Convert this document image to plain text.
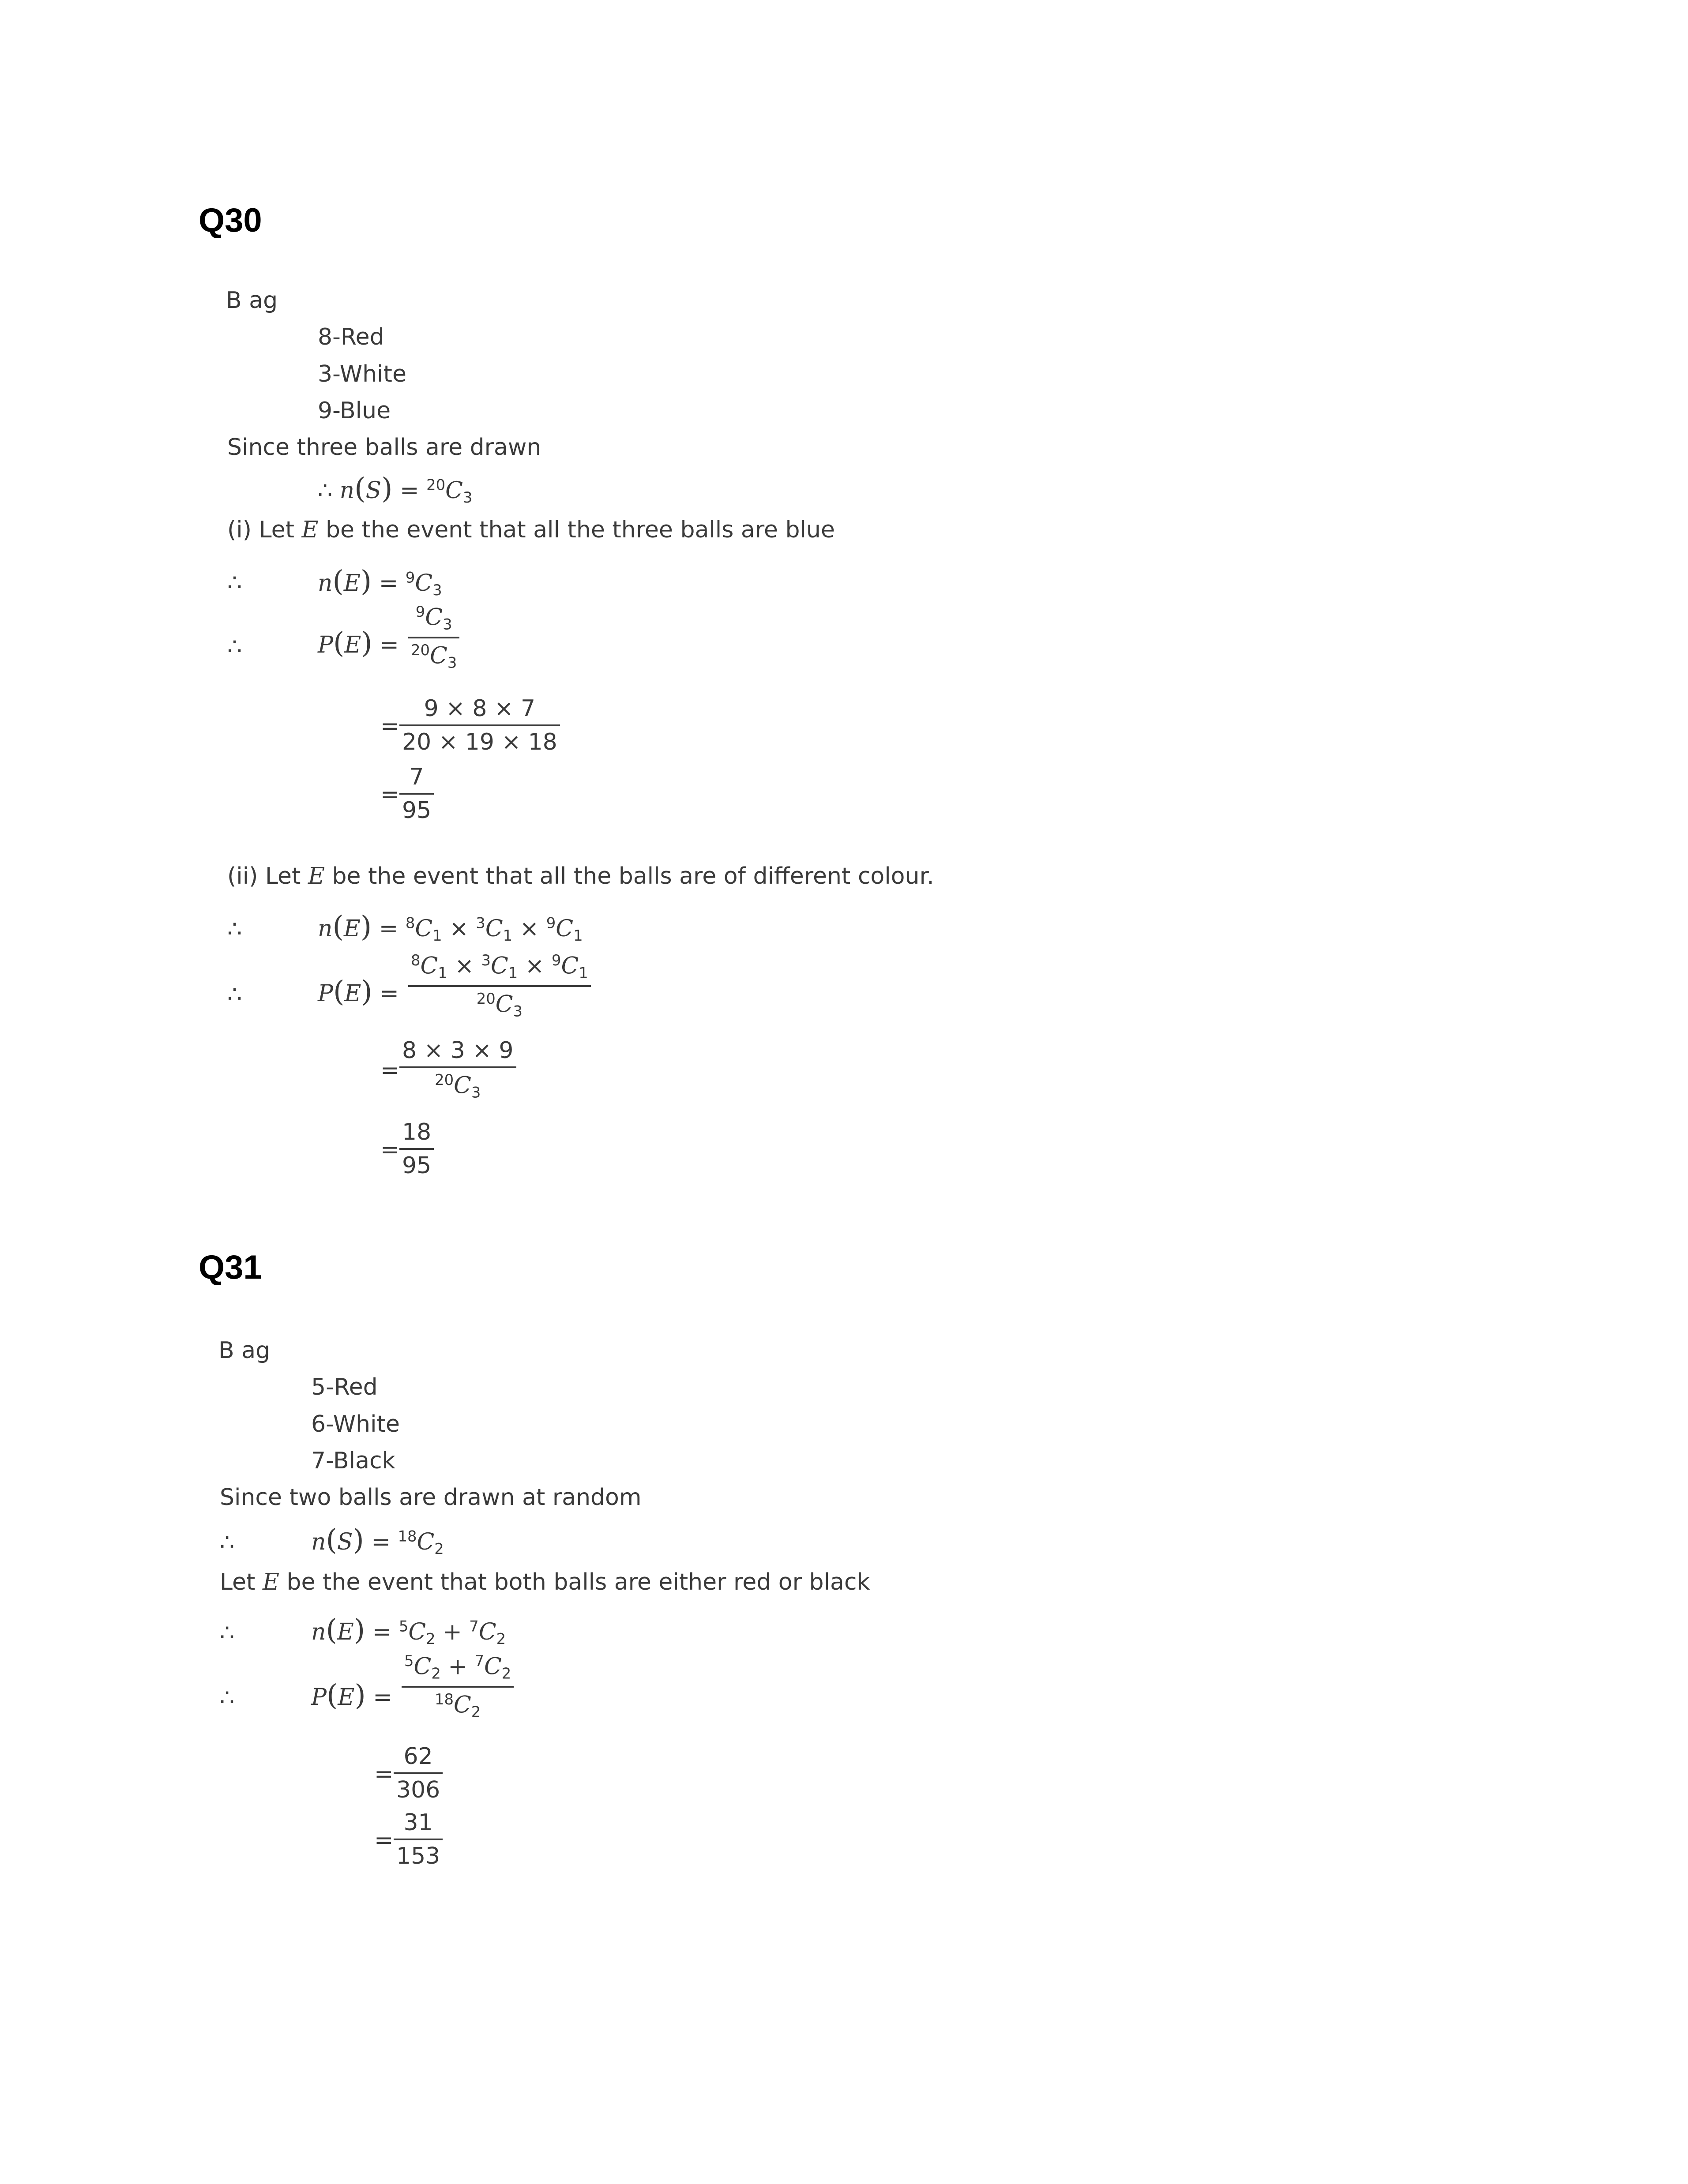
Q30
B ag
8-Red
3-White
9-Blue
Since three balls are drawn
∴ $n(S) = ^{20}C_3$
(i) Let E be the event that all the three balls are blue
∴	$n(E) = ^9C_3$
∴	P(E) =
$^9C_3$
$^{20}C_3$
=
9 × 8 × 7
20 × 19 × 18
=
7
95
(ii) Let E be the event that all the balls are of different colour.
∴	$n(E) = ^8C_1 \times ^3C_1 \times ^9C_1$
∴	P(E) =
$^8C_1 \times ^3C_1 \times ^9C_1$
$^{20}C_3$
=
8 × 3 × 9
$^{20}C_3$
=
18
95
Q31
B ag
5-Red
6-White
7-Black
Since two balls are drawn at random
∴	$n(S) = ^{18}C_2$
Let E be the event that both balls are either red or black
∴	$n(E) = ^5C_2 + ^7C_2$
∴	P(E) =
$^5C_2 + ^7C_2$
$^{18}C_2$
=
62
306
=
31
153
